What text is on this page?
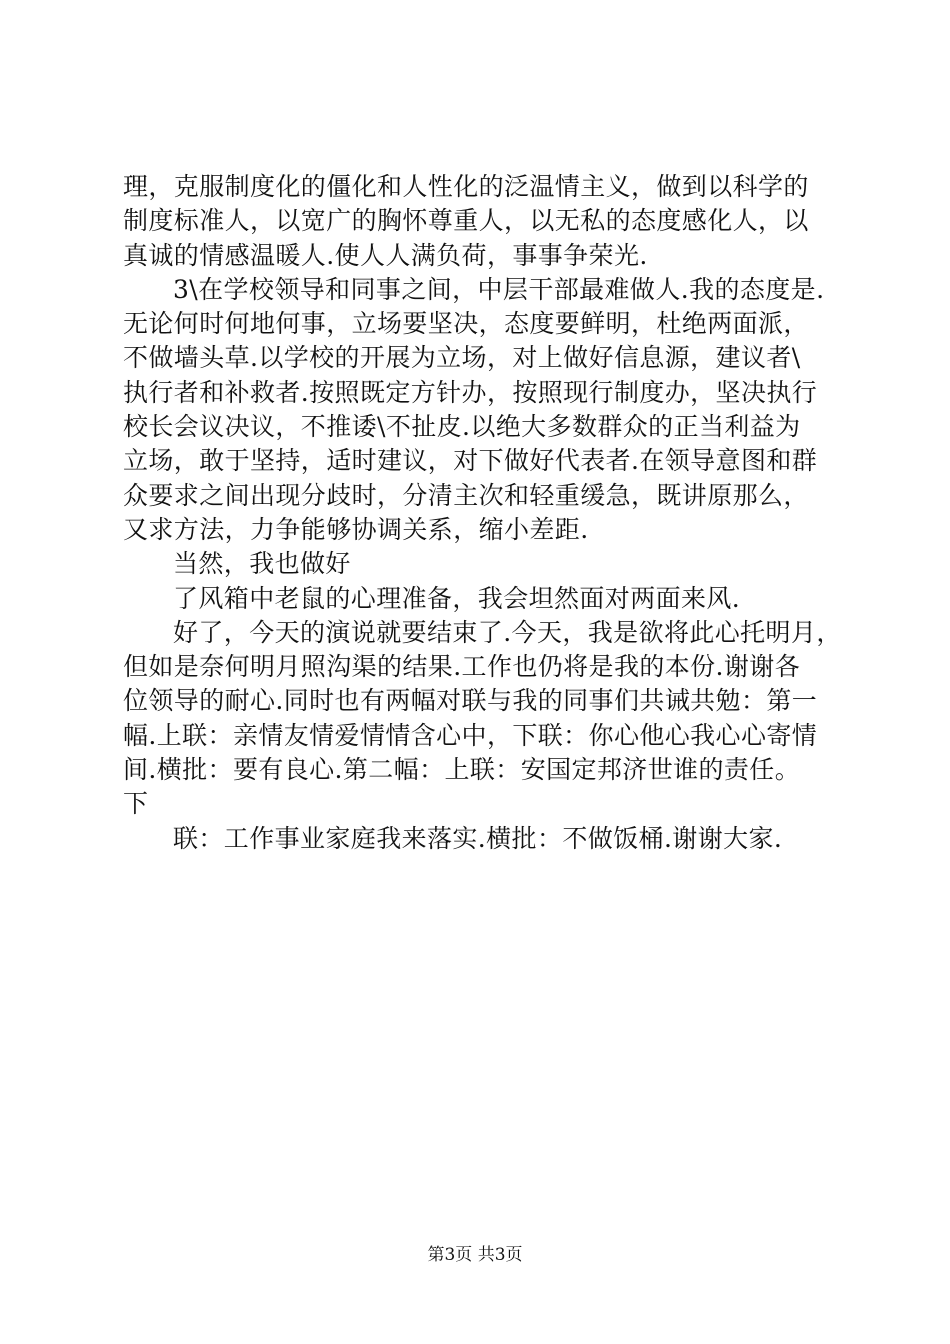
理，克服制度化的僵化和人性化的泛温情主义，做到以科学的
制度标准人，以宽广的胸怀尊重人，以无私的态度感化人，以
真诚的情感温暖人.使人人满负荷，事事争荣光.
3\在学校领导和同事之间，中层干部最难做人.我的态度是.
无论何时何地何事，立场要坚决，态度要鲜明，杜绝两面派，
不做墙头草.以学校的开展为立场，对上做好信息源，建议者\
执行者和补救者.按照既定方针办，按照现行制度办，坚决执行
校长会议决议，不推诿\不扯皮.以绝大多数群众的正当利益为
立场，敢于坚持，适时建议，对下做好代表者.在领导意图和群
众要求之间出现分歧时，分清主次和轻重缓急，既讲原那么，
又求方法，力争能够协调关系，缩小差距.
当然，我也做好
了风箱中老鼠的心理准备，我会坦然面对两面来风.
好了，今天的演说就要结束了.今天，我是欲将此心托明月，
但如是奈何明月照沟渠的结果.工作也仍将是我的本份.谢谢各
位领导的耐心.同时也有两幅对联与我的同事们共诫共勉：第一
幅.上联：亲情友情爱情情含心中，下联：你心他心我心心寄情
间.横批：要有良心.第二幅：上联：安国定邦济世谁的责任。
下
联：工作事业家庭我来落实.横批：不做饭桶.谢谢大家.
第3页 共3页
